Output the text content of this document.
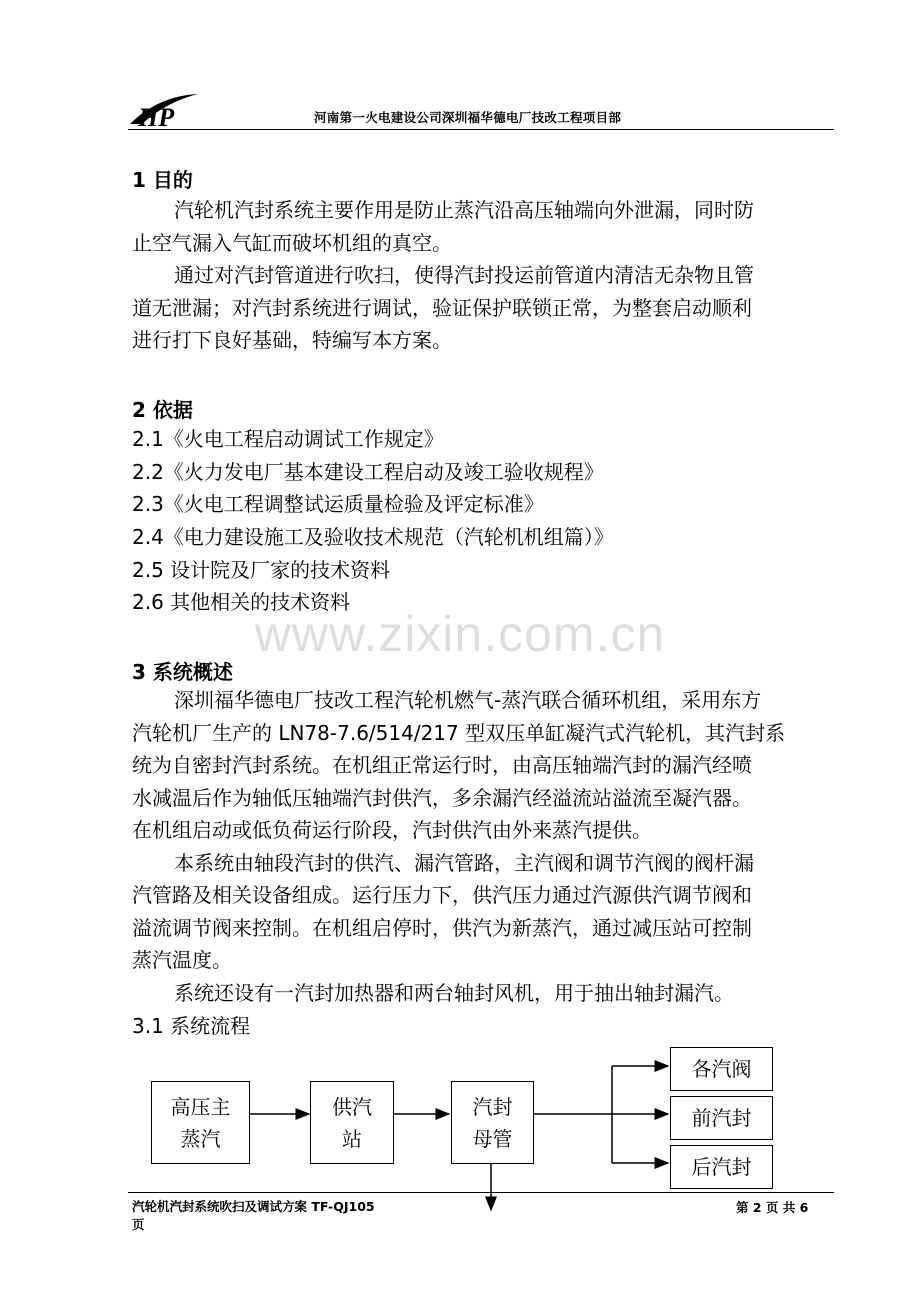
HP	河南第一火电建设公司深圳福华德电厂技改工程项目部
www.zixin.com.cn
1 目的
汽轮机汽封系统主要作用是防止蒸汽沿高压轴端向外泄漏，同时防
止空气漏入气缸而破坏机组的真空。
通过对汽封管道进行吹扫，使得汽封投运前管道内清洁无杂物且管
道无泄漏；对汽封系统进行调试，验证保护联锁正常，为整套启动顺利
进行打下良好基础，特编写本方案。
2 依据
2.1《火电工程启动调试工作规定》
2.2《火力发电厂基本建设工程启动及竣工验收规程》
2.3《火电工程调整试运质量检验及评定标准》
2.4《电力建设施工及验收技术规范（汽轮机机组篇）》
2.5 设计院及厂家的技术资料
2.6 其他相关的技术资料
3 系统概述
深圳福华德电厂技改工程汽轮机燃气-蒸汽联合循环机组，采用东方
汽轮机厂生产的 LN78-7.6/514/217 型双压单缸凝汽式汽轮机，其汽封系
统为自密封汽封系统。在机组正常运行时，由高压轴端汽封的漏汽经喷
水减温后作为轴低压轴端汽封供汽，多余漏汽经溢流站溢流至凝汽器。
在机组启动或低负荷运行阶段，汽封供汽由外来蒸汽提供。
本系统由轴段汽封的供汽、漏汽管路，主汽阀和调节汽阀的阀杆漏
汽管路及相关设备组成。运行压力下，供汽压力通过汽源供汽调节阀和
溢流调节阀来控制。在机组启停时，供汽为新蒸汽，通过减压站可控制
蒸汽温度。
系统还设有一汽封加热器和两台轴封风机，用于抽出轴封漏汽。
3.1 系统流程
高压主
蒸汽
供汽
站
汽封
母管
各汽阀
前汽封
后汽封
汽轮机汽封系统吹扫及调试方案 TF-QJ105
页
第 2 页 共 6
